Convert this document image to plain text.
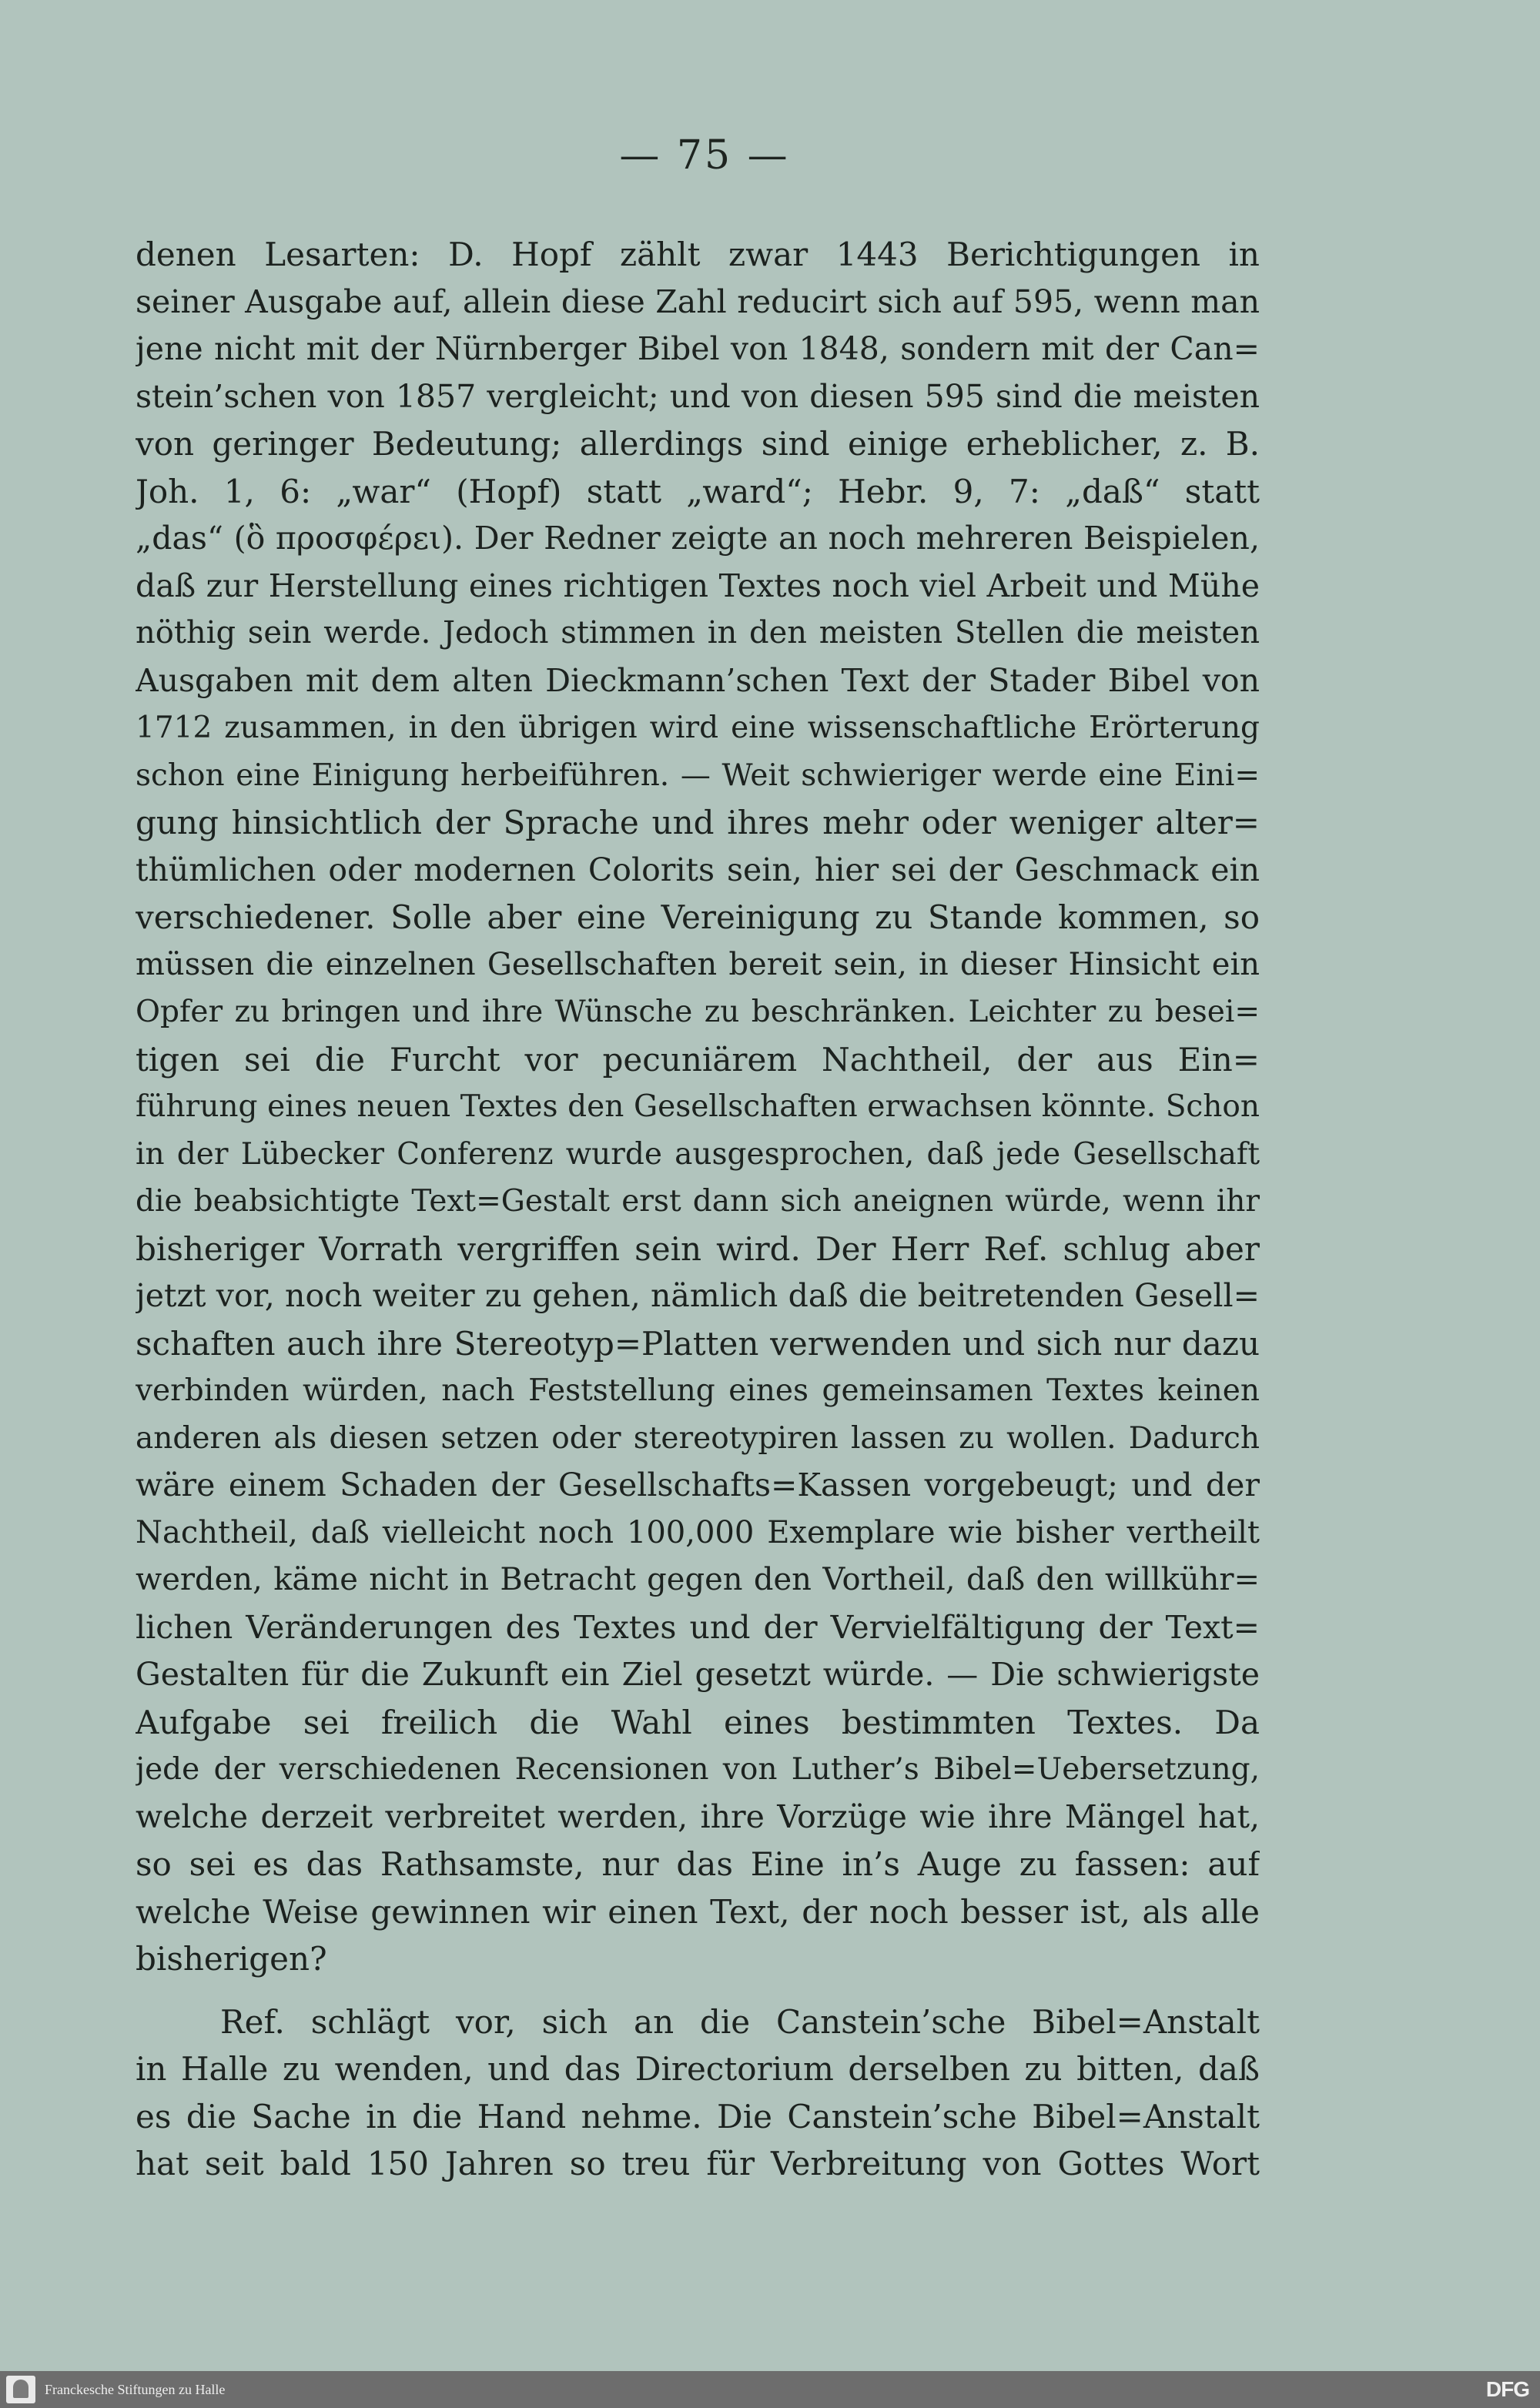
— 75 —
denen Lesarten: D. Hopf zählt zwar 1443 Berichtigungen in
seiner Ausgabe auf, allein diese Zahl reducirt sich auf 595, wenn man
jene nicht mit der Nürnberger Bibel von 1848, sondern mit der Can=
stein’schen von 1857 vergleicht; und von diesen 595 sind die meisten
von geringer Bedeutung; allerdings sind einige erheblicher, z. B.
Joh. 1, 6: „war“ (Hopf) statt „ward“; Hebr. 9, 7: „daß“ statt
„das“ (ὃ προσφέρει). Der Redner zeigte an noch mehreren Beispielen,
daß zur Herstellung eines richtigen Textes noch viel Arbeit und Mühe
nöthig sein werde. Jedoch stimmen in den meisten Stellen die meisten
Ausgaben mit dem alten Dieckmann’schen Text der Stader Bibel von
1712 zusammen, in den übrigen wird eine wissenschaftliche Erörterung
schon eine Einigung herbeiführen. — Weit schwieriger werde eine Eini=
gung hinsichtlich der Sprache und ihres mehr oder weniger alter=
thümlichen oder modernen Colorits sein, hier sei der Geschmack ein
verschiedener. Solle aber eine Vereinigung zu Stande kommen, so
müssen die einzelnen Gesellschaften bereit sein, in dieser Hinsicht ein
Opfer zu bringen und ihre Wünsche zu beschränken. Leichter zu besei=
tigen sei die Furcht vor pecuniärem Nachtheil, der aus Ein=
führung eines neuen Textes den Gesellschaften erwachsen könnte. Schon
in der Lübecker Conferenz wurde ausgesprochen, daß jede Gesellschaft
die beabsichtigte Text=Gestalt erst dann sich aneignen würde, wenn ihr
bisheriger Vorrath vergriffen sein wird. Der Herr Ref. schlug aber
jetzt vor, noch weiter zu gehen, nämlich daß die beitretenden Gesell=
schaften auch ihre Stereotyp=Platten verwenden und sich nur dazu
verbinden würden, nach Feststellung eines gemeinsamen Textes keinen
anderen als diesen setzen oder stereotypiren lassen zu wollen. Dadurch
wäre einem Schaden der Gesellschafts=Kassen vorgebeugt; und der
Nachtheil, daß vielleicht noch 100,000 Exemplare wie bisher vertheilt
werden, käme nicht in Betracht gegen den Vortheil, daß den willkühr=
lichen Veränderungen des Textes und der Vervielfältigung der Text=
Gestalten für die Zukunft ein Ziel gesetzt würde. — Die schwierigste
Aufgabe sei freilich die Wahl eines bestimmten Textes. Da
jede der verschiedenen Recensionen von Luther’s Bibel=Uebersetzung,
welche derzeit verbreitet werden, ihre Vorzüge wie ihre Mängel hat,
so sei es das Rathsamste, nur das Eine in’s Auge zu fassen: auf
welche Weise gewinnen wir einen Text, der noch besser ist, als alle
bisherigen?
Ref. schlägt vor, sich an die Canstein’sche Bibel=Anstalt
in Halle zu wenden, und das Directorium derselben zu bitten, daß
es die Sache in die Hand nehme. Die Canstein’sche Bibel=Anstalt
hat seit bald 150 Jahren so treu für Verbreitung von Gottes Wort
Franckesche Stiftungen zu Halle	DFG
